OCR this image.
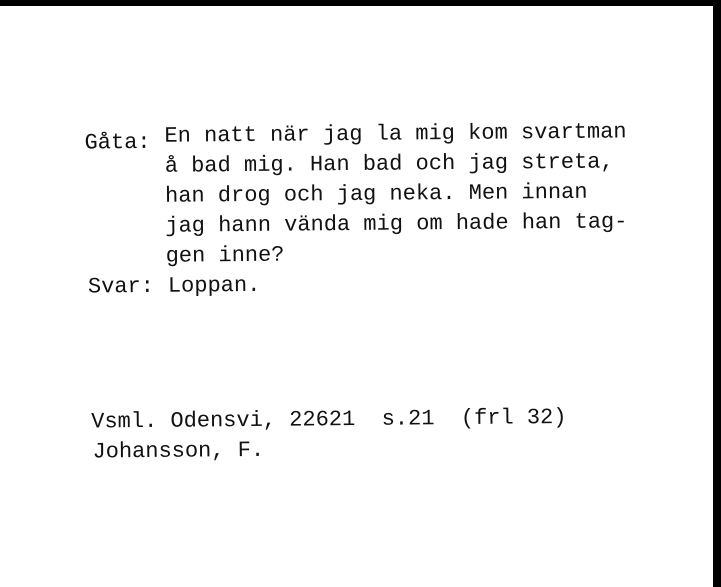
Gåta: En natt när jag la mig kom svartman
å bad mig. Han bad och jag streta,
han drog och jag neka. Men innan
jag hann vända mig om hade han tag-
gen inne?
Svar: Loppan.
Vsml. Odensvi, 22621  s.21  (frl 32)
Johansson, F.
